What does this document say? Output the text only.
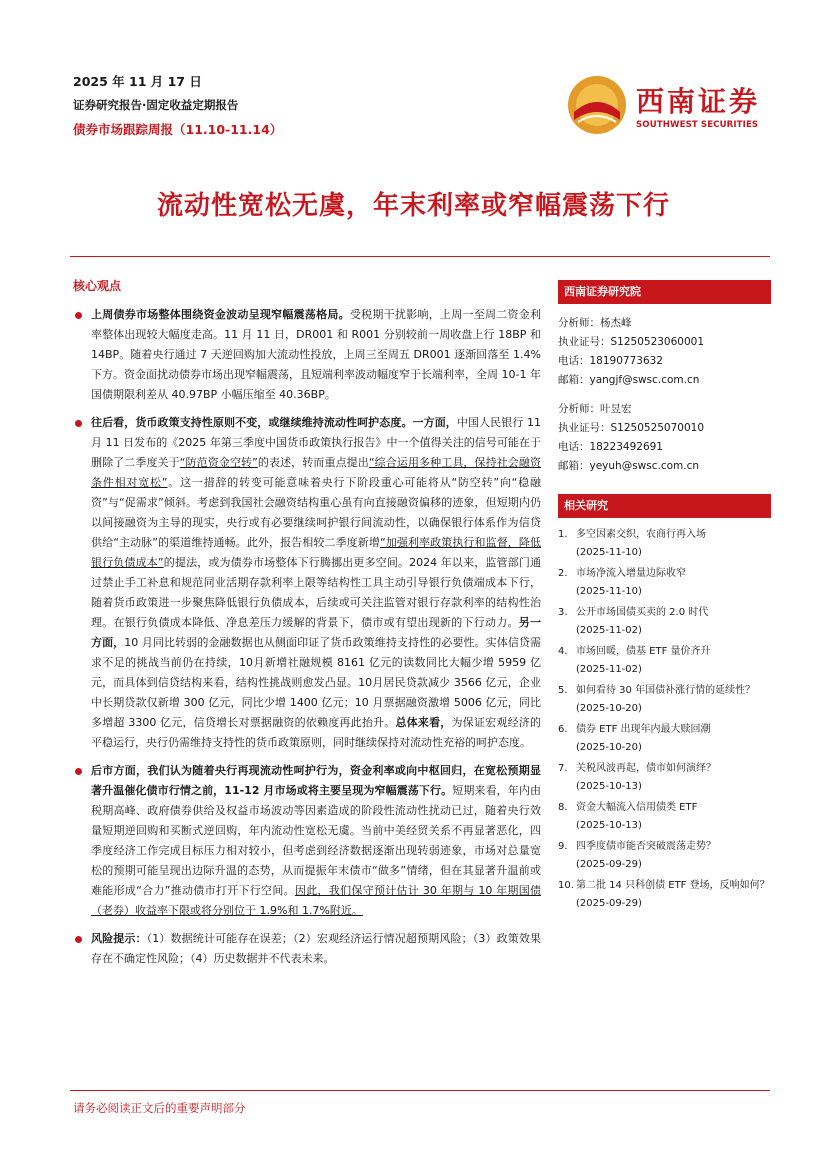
2025 年 11 月 17 日
证券研究报告·固定收益定期报告
债券市场跟踪周报（11.10-11.14）
西南证券
SOUTHWEST SECURITIES
流动性宽松无虞，年末利率或窄幅震荡下行
核心观点
上周债券市场整体围绕资金波动呈现窄幅震荡格局。受税期干扰影响，上周一至周二资金利率整体出现较大幅度走高。11 月 11 日，DR001 和 R001 分别较前一周收盘上行 18BP 和 14BP。随着央行通过 7 天逆回购加大流动性投放，上周三至周五 DR001 逐渐回落至 1.4%下方。资金面扰动债券市场出现窄幅震荡，且短端利率波动幅度窄于长端利率，全周 10-1 年国债期限利差从 40.97BP 小幅压缩至 40.36BP。
往后看，货币政策支持性原则不变，或继续维持流动性呵护态度。一方面，中国人民银行 11 月 11 日发布的《2025 年第三季度中国货币政策执行报告》中一个值得关注的信号可能在于删除了二季度关于“防范资金空转”的表述，转而重点提出“综合运用多种工具，保持社会融资条件相对宽松”。这一措辞的转变可能意味着央行下阶段重心可能将从“防空转”向“稳融资”与“促需求”倾斜。考虑到我国社会融资结构重心虽有向直接融资偏移的迹象，但短期内仍以间接融资为主导的现实，央行或有必要继续呵护银行间流动性，以确保银行体系作为信贷供给“主动脉”的渠道维持通畅。此外，报告相较二季度新增“加强利率政策执行和监督，降低银行负债成本”的提法，或为债券市场整体下行腾挪出更多空间。2024 年以来，监管部门通过禁止手工补息和规范同业活期存款利率上限等结构性工具主动引导银行负债端成本下行，随着货币政策进一步聚焦降低银行负债成本，后续或可关注监管对银行存款利率的结构性治理。在银行负债成本降低、净息差压力缓解的背景下，债市或有望出现新的下行动力。另一方面，10 月同比转弱的金融数据也从侧面印证了货币政策维持支持性的必要性。实体信贷需求不足的挑战当前仍在持续，10月新增社融规模 8161 亿元的读数同比大幅少增 5959 亿元，而具体到信贷结构来看，结构性挑战则愈发凸显。10月居民贷款减少 3566 亿元，企业中长期贷款仅新增 300 亿元，同比少增 1400 亿元；10 月票据融资激增 5006 亿元，同比多增超 3300 亿元，信贷增长对票据融资的依赖度再此抬升。总体来看，为保证宏观经济的平稳运行，央行仍需维持支持性的货币政策原则，同时继续保持对流动性充裕的呵护态度。
后市方面，我们认为随着央行再现流动性呵护行为，资金利率或向中枢回归，在宽松预期显著升温催化债市行情之前，11-12 月市场或将主要呈现为窄幅震荡下行。短期来看，年内由税期高峰、政府债券供给及权益市场波动等因素造成的阶段性流动性扰动已过，随着央行效量短期逆回购和买断式逆回购，年内流动性宽松无虞。当前中美经贸关系不再显著恶化，四季度经济工作完成目标压力相对较小，但考虑到经济数据逐渐出现转弱迹象，市场对总量宽松的预期可能呈现出边际升温的态势，从而提振年末债市“做多”情绪，但在其显著升温前或难能形成“合力”推动债市打开下行空间。因此，我们保守预计估计 30 年期与 10 年期国债（老券）收益率下限或将分别位于 1.9%和 1.7%附近。
风险提示：（1）数据统计可能存在误差；（2）宏观经济运行情况超预期风险；（3）政策效果存在不确定性风险；（4）历史数据并不代表未来。
西南证券研究院
分析师：杨杰峰
执业证号：S1250523060001
电话：18190773632
邮箱：yangjf@swsc.com.cn
分析师：叶昱宏
执业证号：S1250525070010
电话：18223492691
邮箱：yeyuh@swsc.com.cn
相关研究
1. 多空因素交织，农商行再入场
(2025-11-10)
2. 市场净流入增量边际收窄
(2025-11-10)
3. 公开市场国债买卖的 2.0 时代
(2025-11-02)
4. 市场回暖，债基 ETF 量价齐升
(2025-11-02)
5. 如何看待 30 年国债补涨行情的延续性？
(2025-10-20)
6. 债券 ETF 出现年内最大赎回潮
(2025-10-20)
7. 关税风波再起，债市如何演绎？
(2025-10-13)
8. 资金大幅流入信用债类 ETF
(2025-10-13)
9. 四季度债市能否突破震荡走势？
(2025-09-29)
10. 第二批 14 只科创债 ETF 登场，反响如何？
(2025-09-29)
请务必阅读正文后的重要声明部分
